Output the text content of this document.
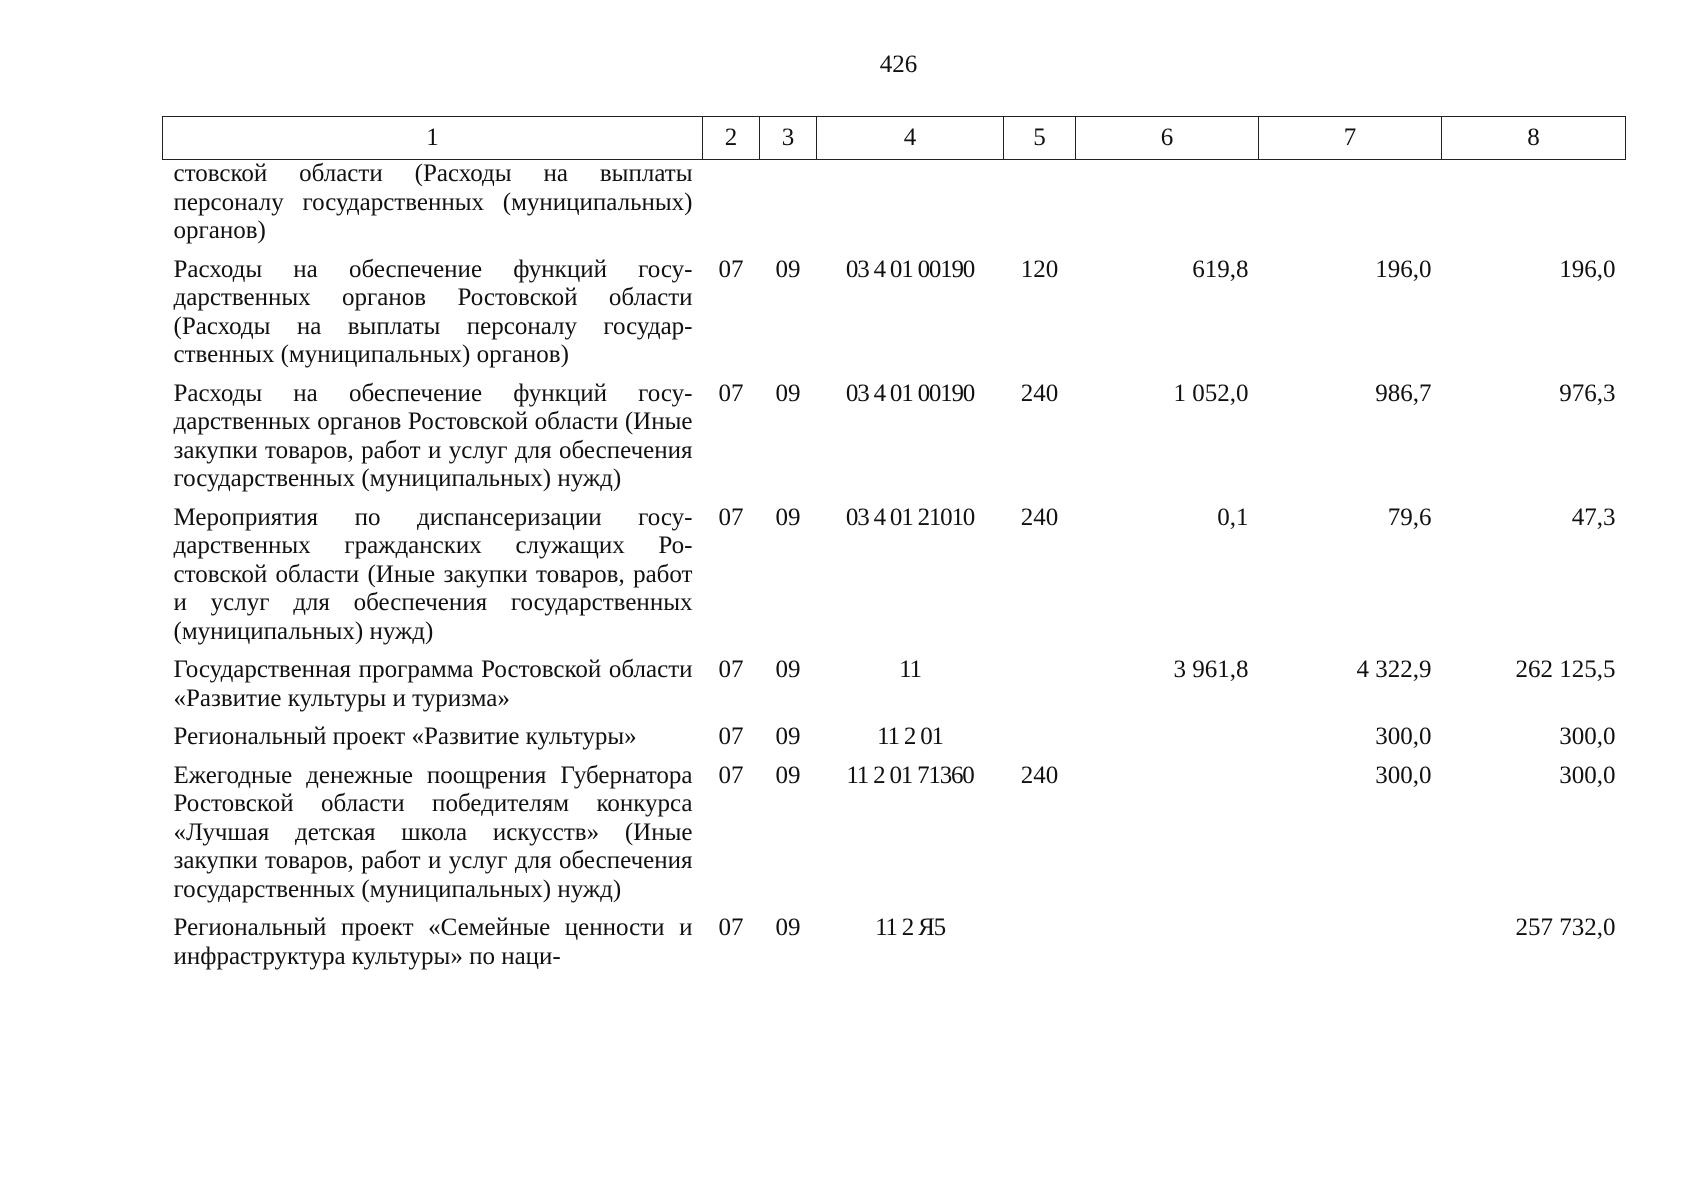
426
1	2	3	4	5	6	7	8
стовской области (Расходы на выплаты персоналу государственных (муниципальных) органов)							
Расходы на обеспечение функций государственных органов Ростовской области (Расходы на выплаты персоналу государственных (муниципальных) органов)	07	09	03 4 01 00190	120	619,8	196,0	196,0
Расходы на обеспечение функций государственных органов Ростовской области (Иные закупки товаров, работ и услуг для обеспечения государственных (муниципальных) нужд)	07	09	03 4 01 00190	240	1 052,0	986,7	976,3
Мероприятия по диспансеризации государственных гражданских служащих Ростовской области (Иные закупки товаров, работ и услуг для обеспечения государственных (муниципальных) нужд)	07	09	03 4 01 21010	240	0,1	79,6	47,3
Государственная программа Ростовской области «Развитие культуры и туризма»	07	09	11		3 961,8	4 322,9	262 125,5
Региональный проект «Развитие культуры»	07	09	11 2 01			300,0	300,0
Ежегодные денежные поощрения Губернатора Ростовской области победителям конкурса «Лучшая детская школа искусств» (Иные закупки товаров, работ и услуг для обеспечения государственных (муниципальных) нужд)	07	09	11 2 01 71360	240		300,0	300,0
Региональный проект «Семейные ценности и инфраструктура культуры» по наци-	07	09	11 2 Я5				257 732,0
